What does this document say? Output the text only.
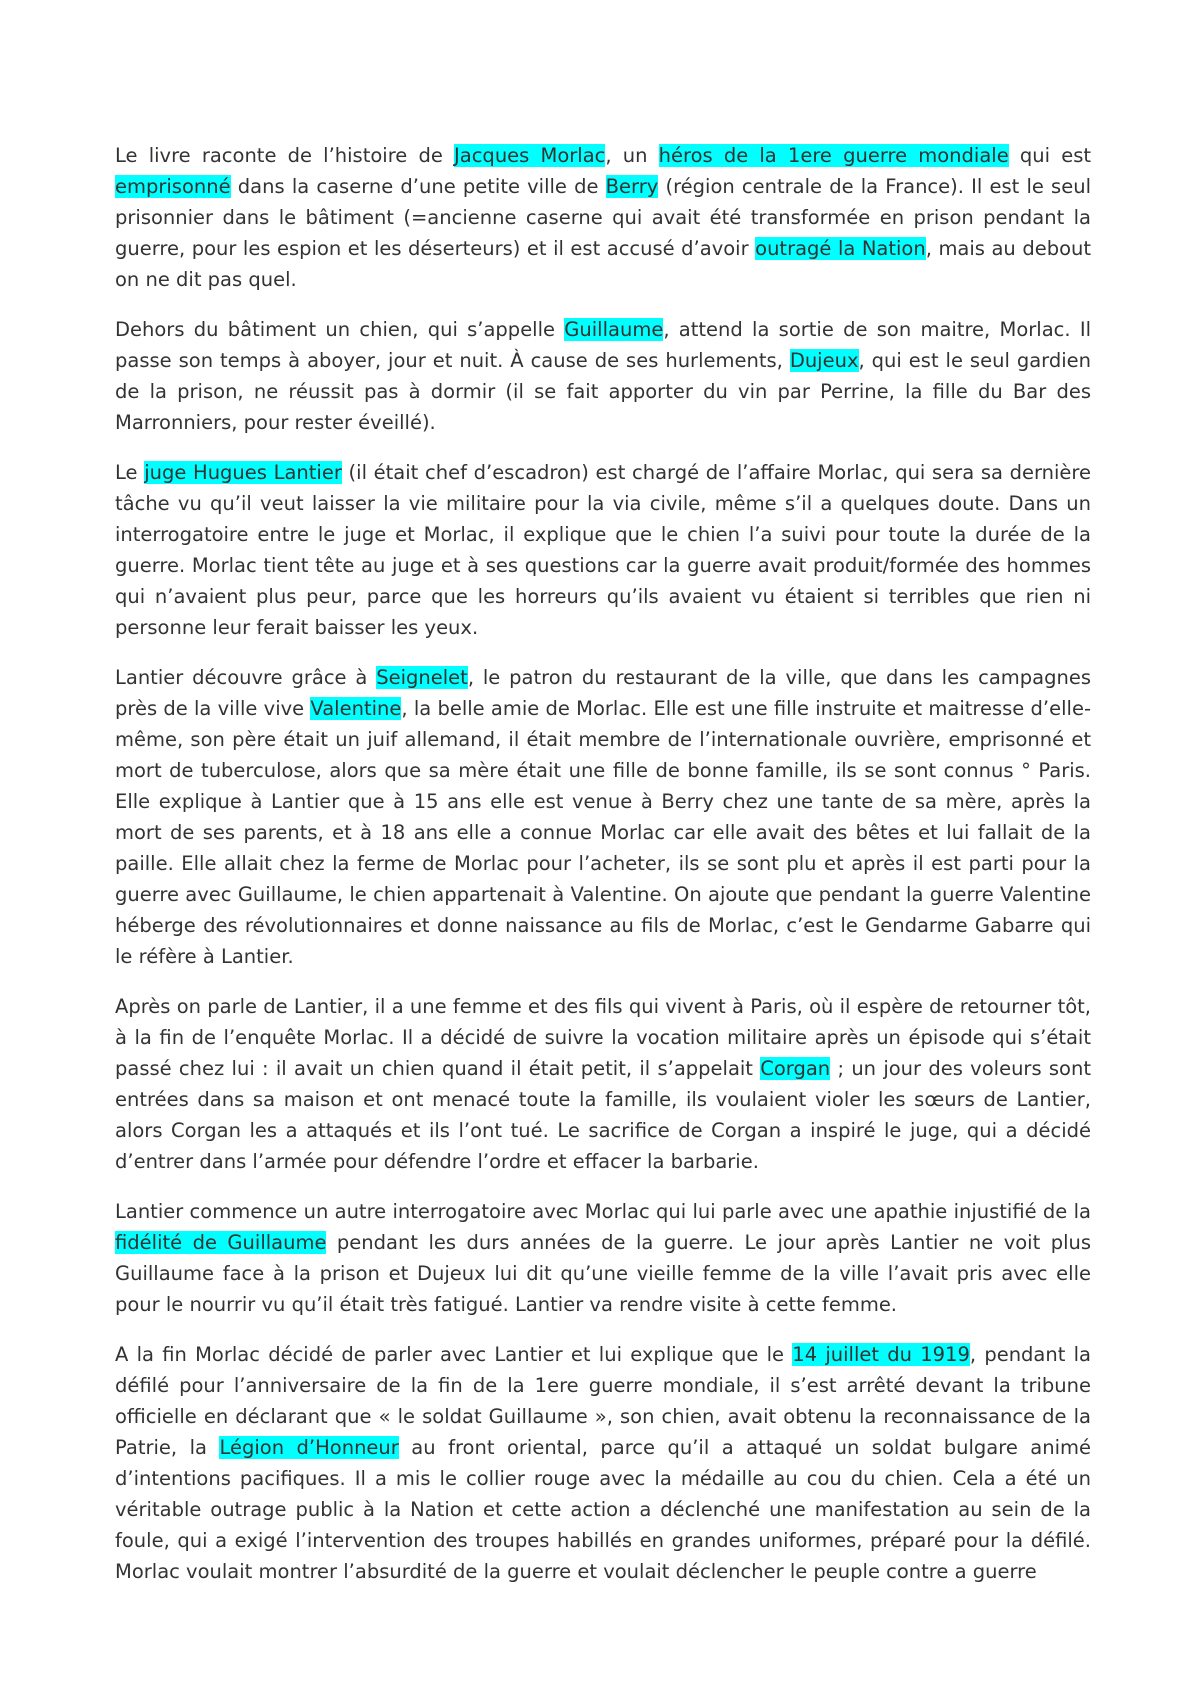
Le livre raconte de l’histoire de Jacques Morlac, un héros de la 1ere guerre mondiale qui est emprisonné dans la caserne d’une petite ville de Berry (région centrale de la France). Il est le seul prisonnier dans le bâtiment (=ancienne caserne qui avait été transformée en prison pendant la guerre, pour les espion et les déserteurs) et il est accusé d’avoir outragé la Nation, mais au debout on ne dit pas quel.

Dehors du bâtiment un chien, qui s’appelle Guillaume, attend la sortie de son maitre, Morlac. Il passe son temps à aboyer, jour et nuit. À cause de ses hurlements, Dujeux, qui est le seul gardien de la prison, ne réussit pas à dormir (il se fait apporter du vin par Perrine, la fille du Bar des Marronniers, pour rester éveillé).

Le juge Hugues Lantier (il était chef d’escadron) est chargé de l’affaire Morlac, qui sera sa dernière tâche vu qu’il veut laisser la vie militaire pour la via civile, même s’il a quelques doute. Dans un interrogatoire entre le juge et Morlac, il explique que le chien l’a suivi pour toute la durée de la guerre. Morlac tient tête au juge et à ses questions car la guerre avait produit/formée des hommes qui n’avaient plus peur, parce que les horreurs qu’ils avaient vu étaient si terribles que rien ni personne leur ferait baisser les yeux.

Lantier découvre grâce à Seignelet, le patron du restaurant de la ville, que dans les campagnes près de la ville vive Valentine, la belle amie de Morlac. Elle est une fille instruite et maitresse d’elle-même, son père était un juif allemand, il était membre de l’internationale ouvrière, emprisonné et mort de tuberculose, alors que sa mère était une fille de bonne famille, ils se sont connus ° Paris. Elle explique à Lantier que à 15 ans elle est venue à Berry chez une tante de sa mère, après la mort de ses parents, et à 18 ans elle a connue Morlac car elle avait des bêtes et lui fallait de la paille. Elle allait chez la ferme de Morlac pour l’acheter, ils se sont plu et après il est parti pour la guerre avec Guillaume, le chien appartenait à Valentine. On ajoute que pendant la guerre Valentine héberge des révolutionnaires et donne naissance au fils de Morlac, c’est le Gendarme Gabarre qui le réfère à Lantier.

Après on parle de Lantier, il a une femme et des fils qui vivent à Paris, où il espère de retourner tôt, à la fin de l’enquête Morlac. Il a décidé de suivre la vocation militaire après un épisode qui s’était passé chez lui : il avait un chien quand il était petit, il s’appelait Corgan ; un jour des voleurs sont entrées dans sa maison et ont menacé toute la famille, ils voulaient violer les sœurs de Lantier, alors Corgan les a attaqués et ils l’ont tué. Le sacrifice de Corgan a inspiré le juge, qui a décidé d’entrer dans l’armée pour défendre l’ordre et effacer la barbarie.

Lantier commence un autre interrogatoire avec Morlac qui lui parle avec une apathie injustifié de la fidélité de Guillaume pendant les durs années de la guerre. Le jour après Lantier ne voit plus Guillaume face à la prison et Dujeux lui dit qu’une vieille femme de la ville l’avait pris avec elle pour le nourrir vu qu’il était très fatigué. Lantier va rendre visite à cette femme.

A la fin Morlac décidé de parler avec Lantier et lui explique que le 14 juillet du 1919, pendant la défilé pour l’anniversaire de la fin de la 1ere guerre mondiale, il s’est arrêté devant la tribune officielle en déclarant que « le soldat Guillaume », son chien, avait obtenu la reconnaissance de la Patrie, la Légion d’Honneur au front oriental, parce qu’il a attaqué un soldat bulgare animé d’intentions pacifiques. Il a mis le collier rouge avec la médaille au cou du chien. Cela a été un véritable outrage public à la Nation et cette action a déclenché une manifestation au sein de la foule, qui a exigé l’intervention des troupes habillés en grandes uniformes, préparé pour la défilé. Morlac voulait montrer l’absurdité de la guerre et voulait déclencher le peuple contre a guerre
